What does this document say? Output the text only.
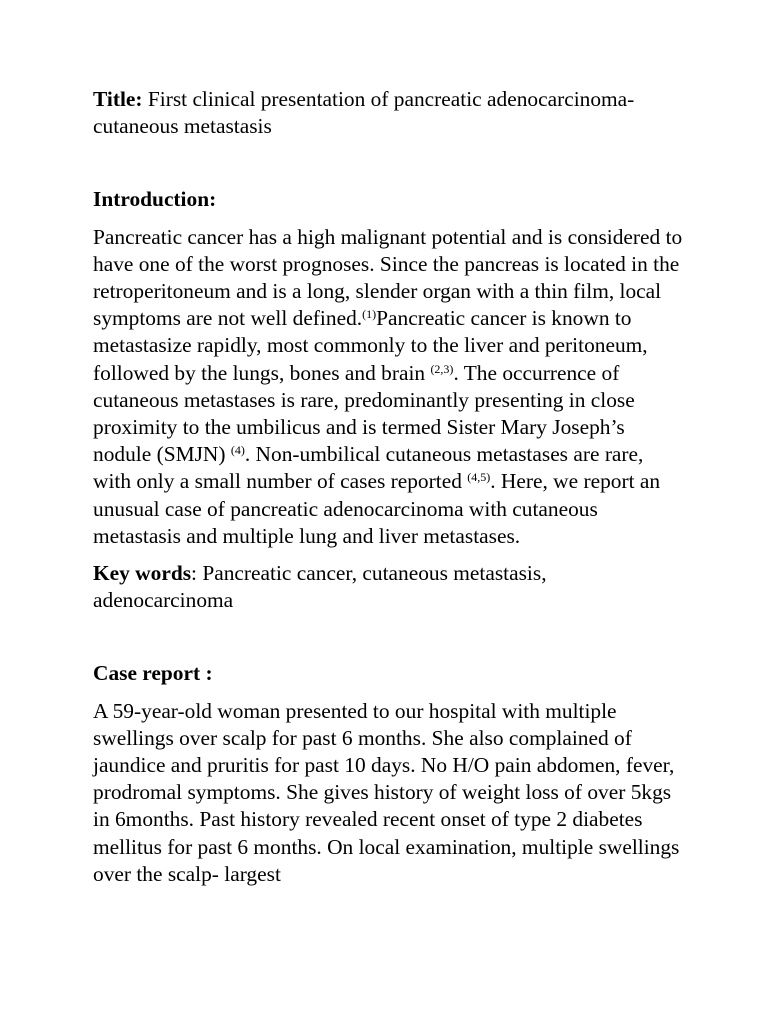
Title: First clinical presentation of pancreatic adenocarcinoma- cutaneous metastasis

Introduction:

Pancreatic cancer has a high malignant potential and is considered to have one of the worst prognoses. Since the pancreas is located in the retroperitoneum and is a long, slender organ with a thin film, local symptoms are not well defined.$^{(1)}$Pancreatic cancer is known to metastasize rapidly, most commonly to the liver and peritoneum, followed by the lungs, bones and brain $^{(2,3)}$. The occurrence of cutaneous metastases is rare, predominantly presenting in close proximity to the umbilicus and is termed Sister Mary Joseph’s nodule (SMJN) $^{(4)}$. Non-umbilical cutaneous metastases are rare, with only a small number of cases reported $^{(4,5)}$. Here, we report an unusual case of pancreatic adenocarcinoma with cutaneous metastasis and multiple lung and liver metastases.

Key words: Pancreatic cancer, cutaneous metastasis, adenocarcinoma

Case report :

A 59-year-old woman presented to our hospital with multiple swellings over scalp for past 6 months. She also complained of jaundice and pruritis for past 10 days. No H/O pain abdomen, fever, prodromal symptoms. She gives history of weight loss of over 5kgs in 6months. Past history revealed recent onset of type 2 diabetes mellitus for past 6 months. On local examination, multiple swellings over the scalp- largest
